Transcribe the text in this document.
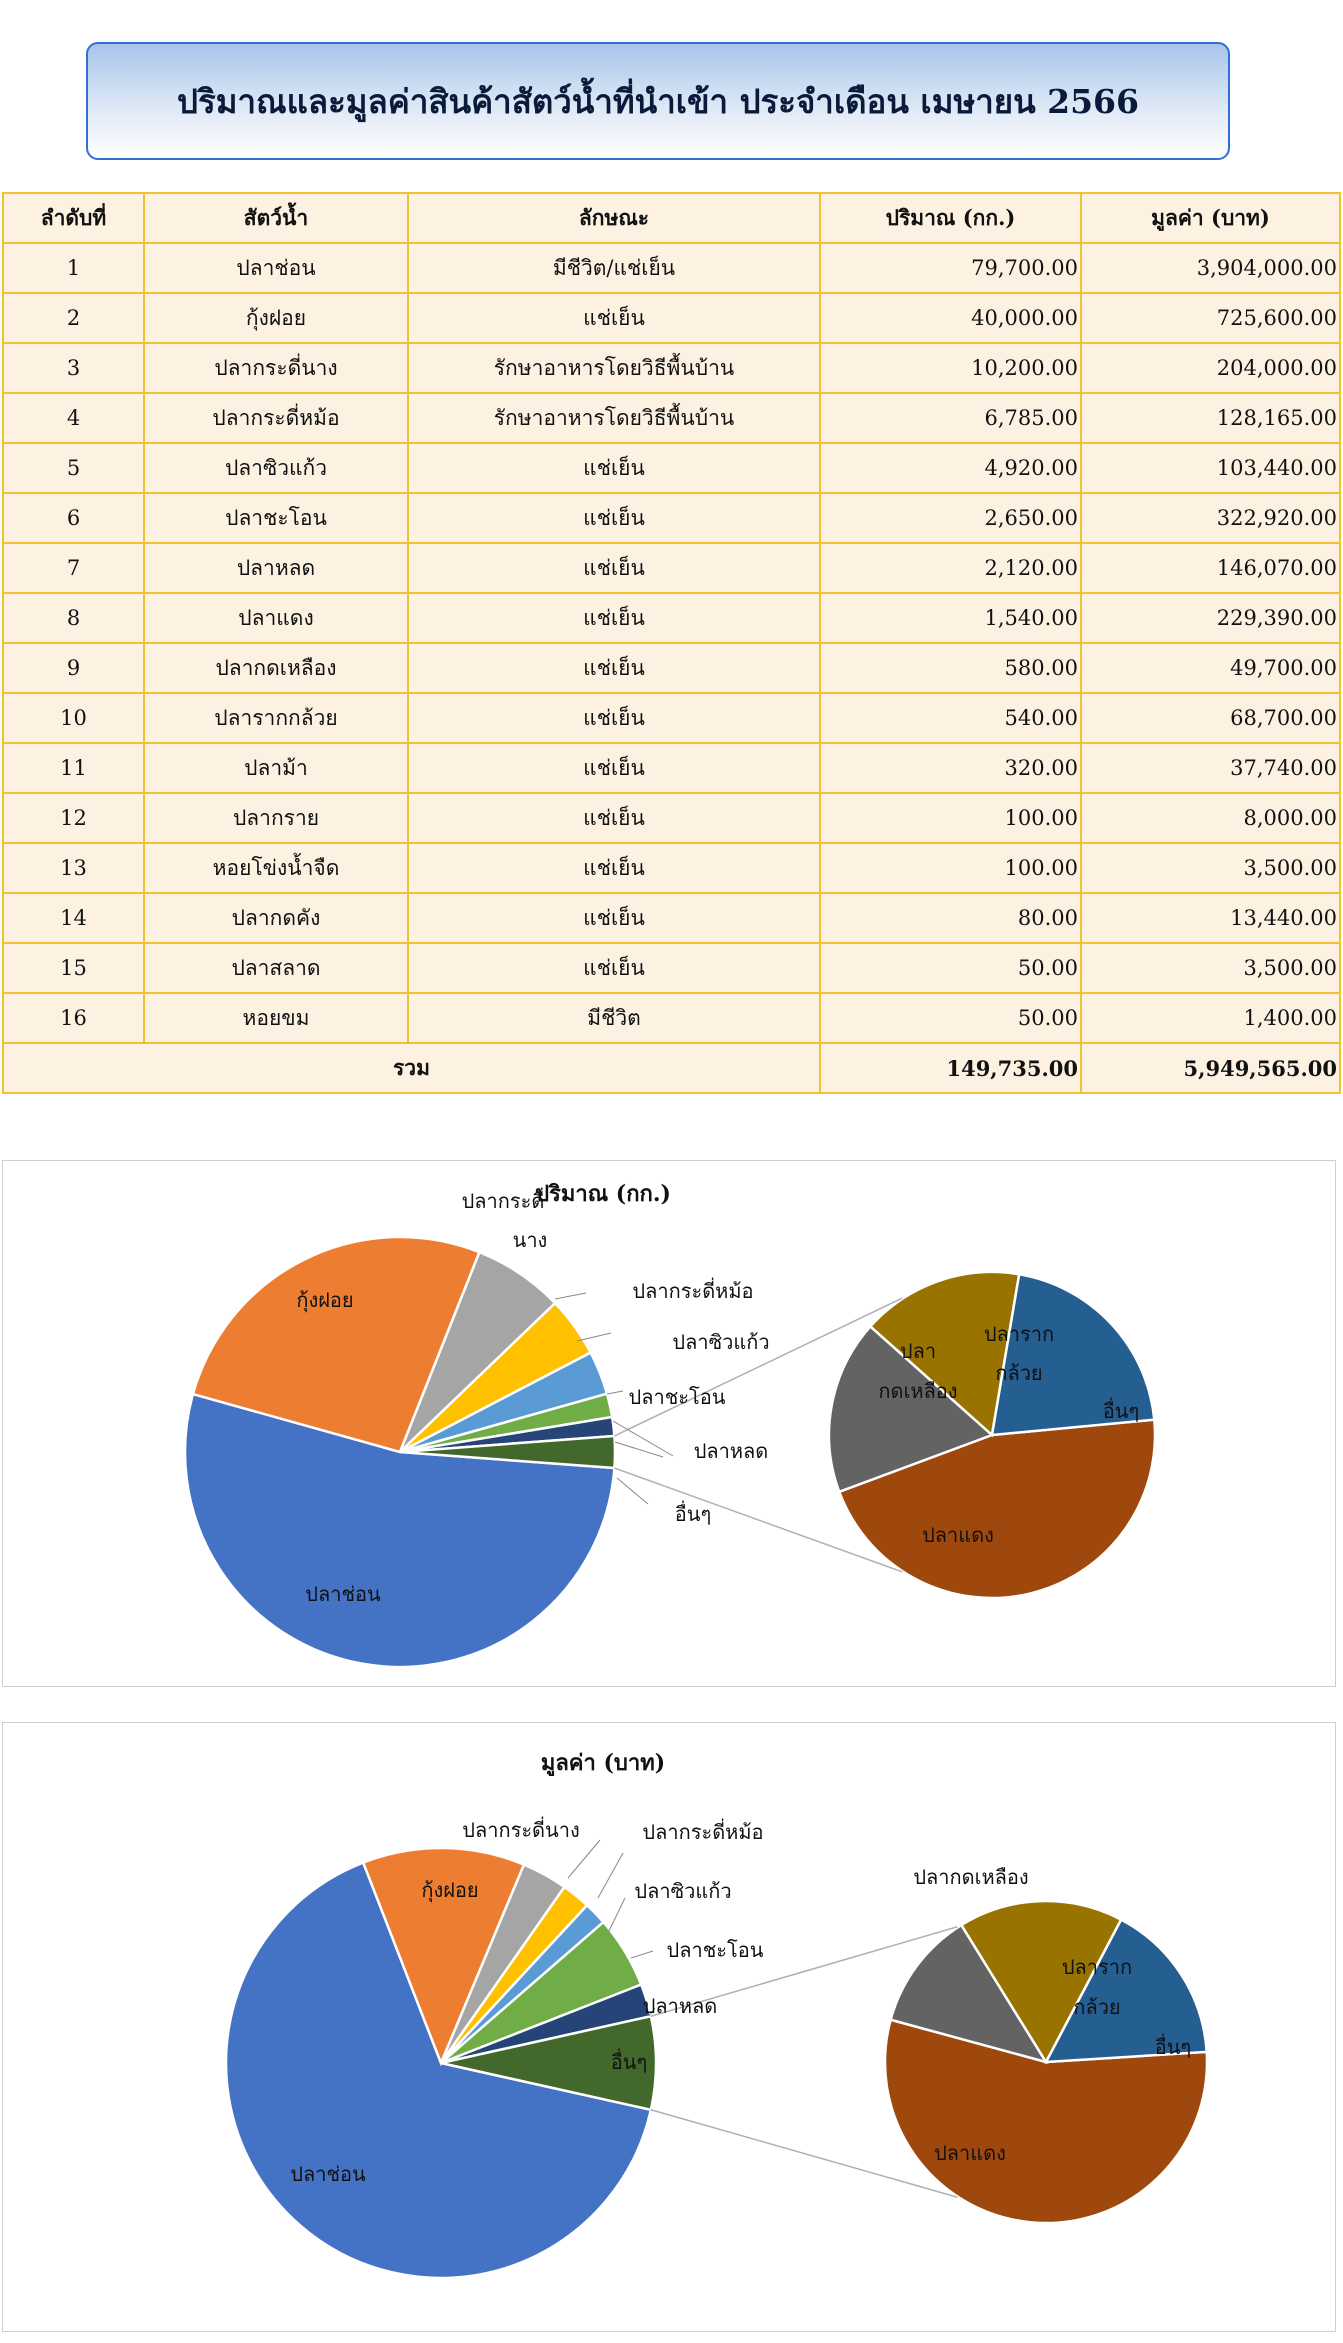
ปริมาณและมูลค่าสินค้าสัตว์น้ำที่นำเข้า ประจำเดือน เมษายน 2566
ลำดับที่	สัตว์น้ำ	ลักษณะ	ปริมาณ (กก.)	มูลค่า (บาท)
1	ปลาช่อน	มีชีวิต/แช่เย็น	79,700.00	3,904,000.00
2	กุ้งฝอย	แช่เย็น	40,000.00	725,600.00
3	ปลากระดี่นาง	รักษาอาหารโดยวิธีพื้นบ้าน	10,200.00	204,000.00
4	ปลากระดี่หม้อ	รักษาอาหารโดยวิธีพื้นบ้าน	6,785.00	128,165.00
5	ปลาซิวแก้ว	แช่เย็น	4,920.00	103,440.00
6	ปลาชะโอน	แช่เย็น	2,650.00	322,920.00
7	ปลาหลด	แช่เย็น	2,120.00	146,070.00
8	ปลาแดง	แช่เย็น	1,540.00	229,390.00
9	ปลากดเหลือง	แช่เย็น	580.00	49,700.00
10	ปลารากกล้วย	แช่เย็น	540.00	68,700.00
11	ปลาม้า	แช่เย็น	320.00	37,740.00
12	ปลากราย	แช่เย็น	100.00	8,000.00
13	หอยโข่งน้ำจืด	แช่เย็น	100.00	3,500.00
14	ปลากดคัง	แช่เย็น	80.00	13,440.00
15	ปลาสลาด	แช่เย็น	50.00	3,500.00
16	หอยขม	มีชีวิต	50.00	1,400.00
รวม			149,735.00	5,949,565.00
ปริมาณ (กก.)
ปลาช่อน
กุ้งฝอย
ปลากระดี่
นาง
ปลากระดี่หม้อ
ปลาซิวแก้ว
ปลาชะโอน
ปลาหลด
อื่นๆ
ปลาแดง
ปลา
กดเหลือง
ปลาราก
กล้วย
อื่นๆ
มูลค่า (บาท)
ปลาช่อน
กุ้งฝอย
ปลากระดี่นาง	ปลากระดี่หม้อ
ปลาซิวแก้ว
ปลาชะโอน
ปลาหลด
อื่นๆ
ปลาแดง
ปลากดเหลือง
ปลาราก
กล้วย
อื่นๆ
